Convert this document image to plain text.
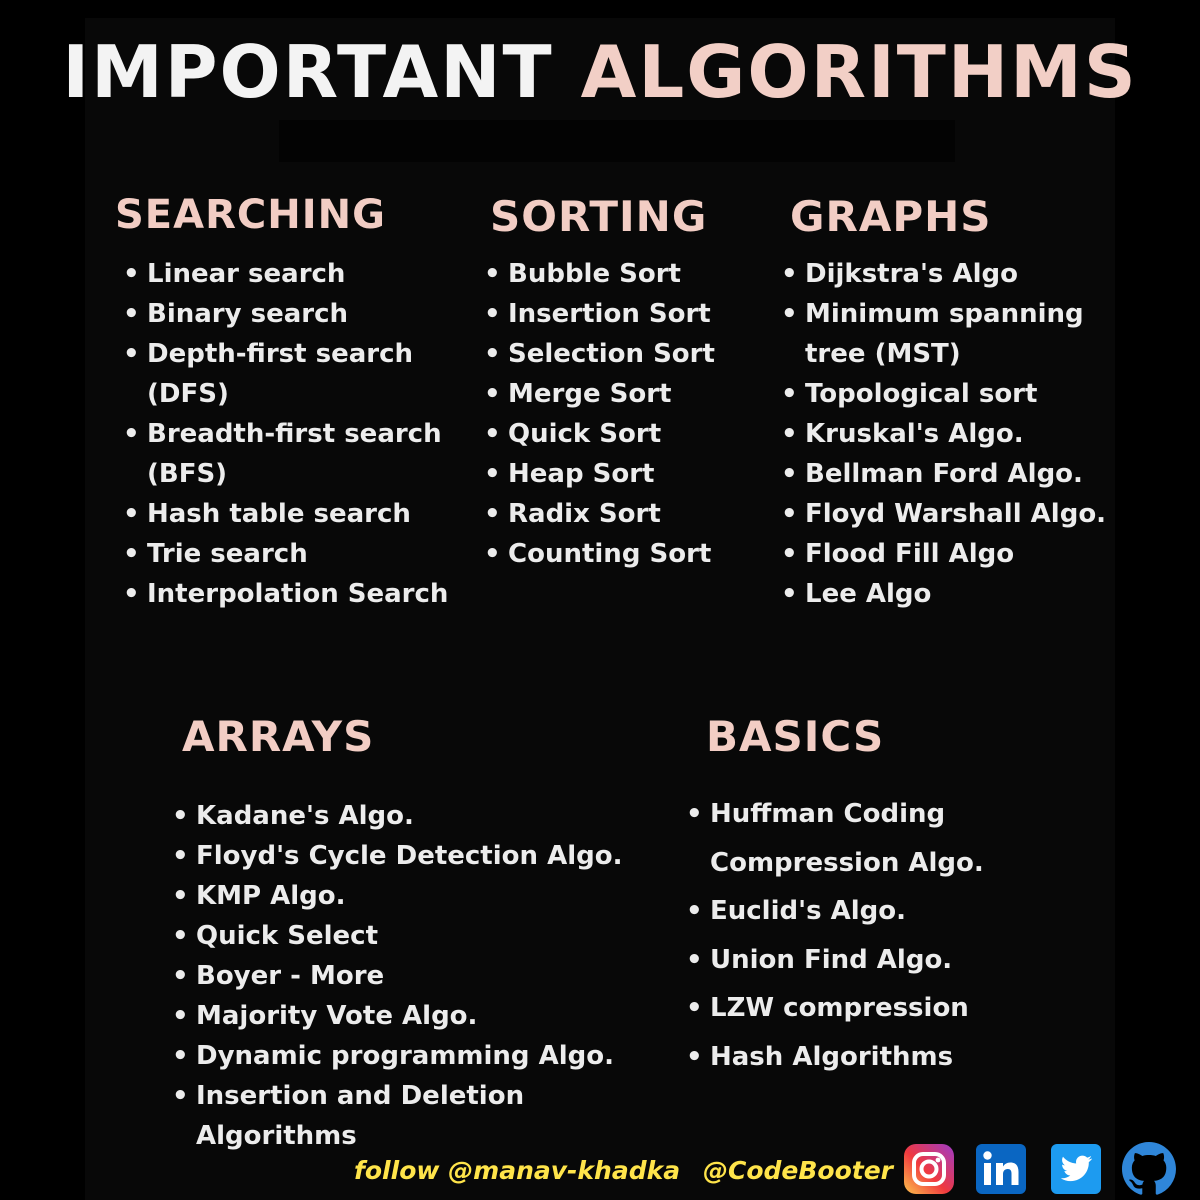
IMPORTANT ALGORITHMS
SEARCHING
• Linear search
• Binary search
• Depth-first search
(DFS)
• Breadth-first search
(BFS)
• Hash table search
• Trie search
• Interpolation Search
SORTING
• Bubble Sort
• Insertion Sort
• Selection Sort
• Merge Sort
• Quick Sort
• Heap Sort
• Radix Sort
• Counting Sort
GRAPHS
• Dijkstra's Algo
• Minimum spanning
tree (MST)
• Topological sort
• Kruskal's Algo.
• Bellman Ford Algo.
• Floyd Warshall Algo.
• Flood Fill Algo
• Lee Algo
ARRAYS
• Kadane's Algo.
• Floyd's Cycle Detection Algo.
• KMP Algo.
• Quick Select
• Boyer - More
• Majority Vote Algo.
• Dynamic programming Algo.
• Insertion and Deletion
Algorithms
BASICS
• Huffman Coding
Compression Algo.
• Euclid's Algo.
• Union Find Algo.
• LZW compression
• Hash Algorithms
follow @manav-khadka @CodeBooter
